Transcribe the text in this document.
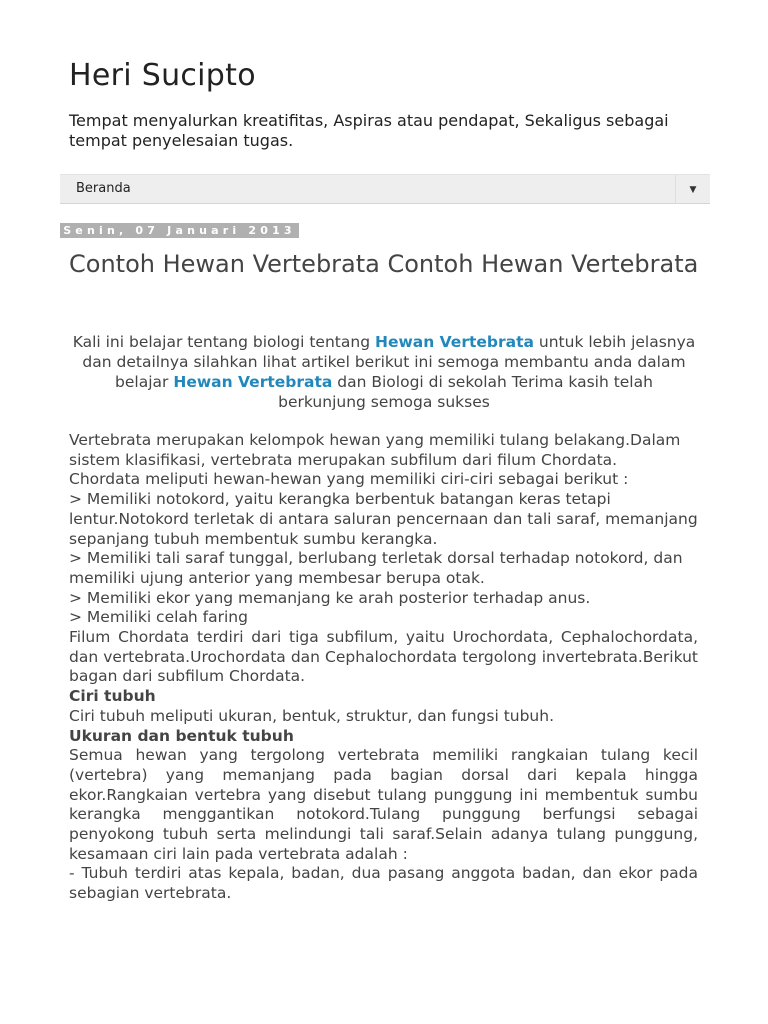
Heri Sucipto

Tempat menyalurkan kreatifitas, Aspiras atau pendapat, Sekaligus sebagai tempat penyelesaian tugas.

Beranda	▼
Senin, 07 Januari 2013
Contoh Hewan Vertebrata Contoh Hewan Vertebrata

Kali ini belajar tentang biologi tentang Hewan Vertebrata untuk lebih jelasnya dan detailnya silahkan lihat artikel berikut ini semoga membantu anda dalam belajar Hewan Vertebrata dan Biologi di sekolah Terima kasih telah berkunjung semoga sukses

Vertebrata merupakan kelompok hewan yang memiliki tulang belakang.Dalam sistem klasifikasi, vertebrata merupakan subfilum dari filum Chordata.
Chordata meliputi hewan-hewan yang memiliki ciri-ciri sebagai berikut :
> Memiliki notokord, yaitu kerangka berbentuk batangan keras tetapi lentur.Notokord terletak di antara saluran pencernaan dan tali saraf, memanjang sepanjang tubuh membentuk sumbu kerangka.
> Memiliki tali saraf tunggal, berlubang terletak dorsal terhadap notokord, dan memiliki ujung anterior yang membesar berupa otak.
> Memiliki ekor yang memanjang ke arah posterior terhadap anus.
> Memiliki celah faring
Filum Chordata terdiri dari tiga subfilum, yaitu Urochordata, Cephalochordata, dan vertebrata.Urochordata dan Cephalochordata tergolong invertebrata.Berikut bagan dari subfilum Chordata.
Ciri tubuh
Ciri tubuh meliputi ukuran, bentuk, struktur, dan fungsi tubuh.
Ukuran dan bentuk tubuh
Semua hewan yang tergolong vertebrata memiliki rangkaian tulang kecil (vertebra) yang memanjang pada bagian dorsal dari kepala hingga ekor.Rangkaian vertebra yang disebut tulang punggung ini membentuk sumbu kerangka menggantikan notokord.Tulang punggung berfungsi sebagai penyokong tubuh serta melindungi tali saraf.Selain adanya tulang punggung, kesamaan ciri lain pada vertebrata adalah :
- Tubuh terdiri atas kepala, badan, dua pasang anggota badan, dan ekor pada sebagian vertebrata.
